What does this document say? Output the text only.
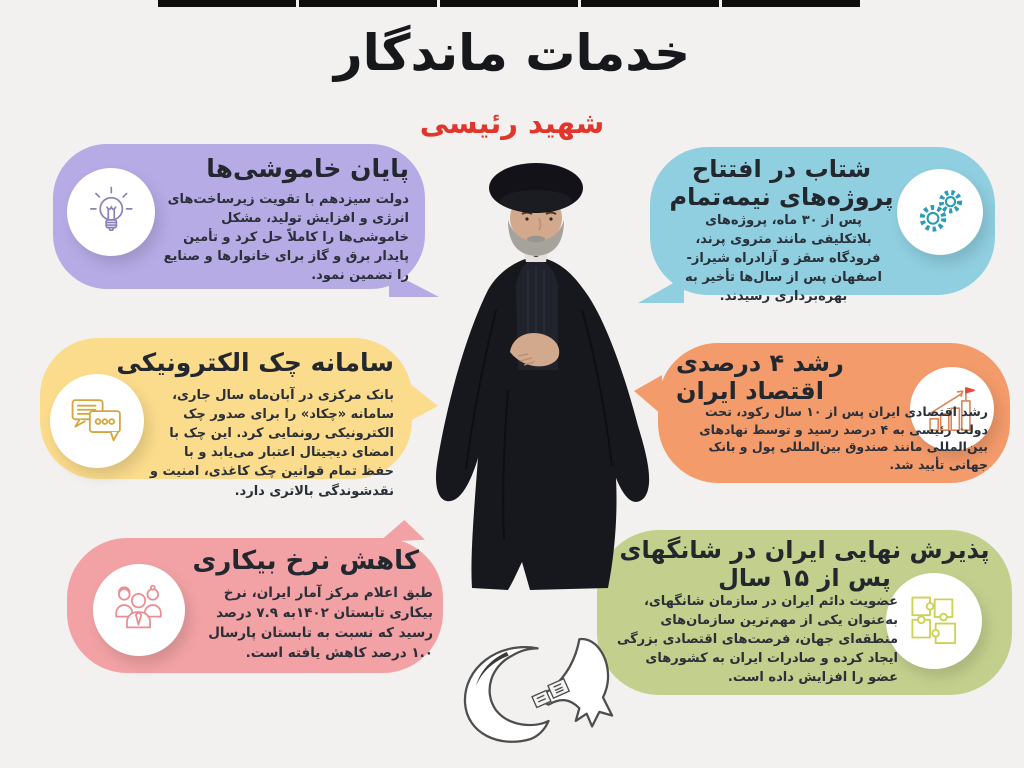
خدمات ماندگار
شهید رئیسی
پایان خاموشی‌ها
دولت سیزدهم با تقویت زیرساخت‌های انرژی و افزایش تولید، مشکل خاموشی‌ها را کاملاً حل کرد و تأمین پایدار برق و گاز برای خانوارها و صنایع را تضمین نمود.
شتاب در افتتاح پروژه‌های نیمه‌تمام
پس از ۳۰ ماه، پروژه‌های بلاتکلیفی مانند متروی پرند، فرودگاه سقز و آزادراه شیراز-اصفهان پس از سال‌ها تأخیر به بهره‌برداری رسیدند.
سامانه چک الکترونیکی
بانک مرکزی در آبان‌ماه سال جاری، سامانه «چکاد» را برای صدور چک الکترونیکی رونمایی کرد. این چک با امضای دیجیتال اعتبار می‌یابد و با حفظ تمام قوانین چک کاغذی، امنیت و نقدشوندگی بالاتری دارد.
رشد ۴ درصدی اقتصاد ایران
رشد اقتصادی ایران پس از ۱۰ سال رکود، تحت دولت رئیسی به ۴ درصد رسید و توسط نهادهای بین‌المللی مانند صندوق بین‌المللی پول و بانک جهانی تأیید شد.
کاهش نرخ بیکاری
طبق اعلام مرکز آمار ایران، نرخ بیکاری تابستان ۱۴۰۲به ۷.۹ درصد رسید که نسبت به تابستان پارسال ۱.۰ درصد کاهش یافته است.
پذیرش نهایی ایران در شانگهای پس از ۱۵ سال
عضویت دائم ایران در سازمان شانگهای، به‌عنوان یکی از مهم‌ترین سازمان‌های منطقه‌ای جهان، فرصت‌های اقتصادی بزرگی ایجاد کرده و صادرات ایران به کشورهای عضو را افزایش داده است.
